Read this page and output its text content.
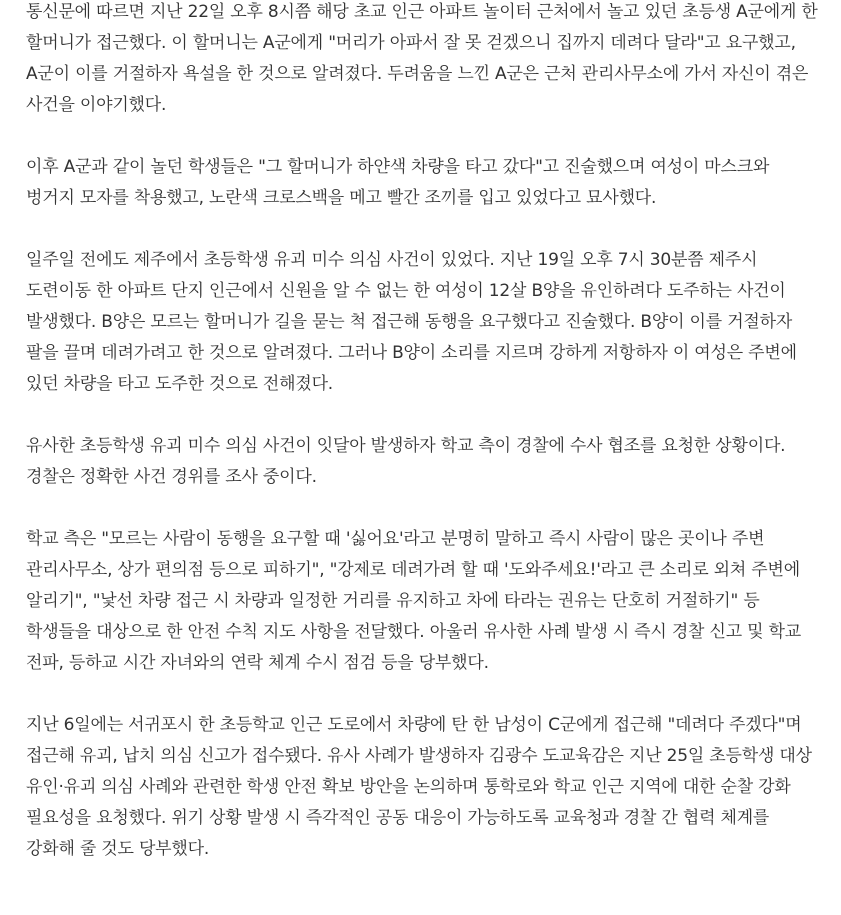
통신문에 따르면 지난 22일 오후 8시쯤 해당 초교 인근 아파트 놀이터 근처에서 놀고 있던 초등생 A군에게 한 할머니가 접근했다. 이 할머니는 A군에게 "머리가 아파서 잘 못 걷겠으니 집까지 데려다 달라"고 요구했고, A군이 이를 거절하자 욕설을 한 것으로 알려졌다. 두려움을 느낀 A군은 근처 관리사무소에 가서 자신이 겪은 사건을 이야기했다.

이후 A군과 같이 놀던 학생들은 "그 할머니가 하얀색 차량을 타고 갔다"고 진술했으며 여성이 마스크와 벙거지 모자를 착용했고, 노란색 크로스백을 메고 빨간 조끼를 입고 있었다고 묘사했다.

일주일 전에도 제주에서 초등학생 유괴 미수 의심 사건이 있었다. 지난 19일 오후 7시 30분쯤 제주시 도련이동 한 아파트 단지 인근에서 신원을 알 수 없는 한 여성이 12살 B양을 유인하려다 도주하는 사건이 발생했다. B양은 모르는 할머니가 길을 묻는 척 접근해 동행을 요구했다고 진술했다. B양이 이를 거절하자 팔을 끌며 데려가려고 한 것으로 알려졌다. 그러나 B양이 소리를 지르며 강하게 저항하자 이 여성은 주변에 있던 차량을 타고 도주한 것으로 전해졌다.

유사한 초등학생 유괴 미수 의심 사건이 잇달아 발생하자 학교 측이 경찰에 수사 협조를 요청한 상황이다. 경찰은 정확한 사건 경위를 조사 중이다.

학교 측은 "모르는 사람이 동행을 요구할 때 '싫어요'라고 분명히 말하고 즉시 사람이 많은 곳이나 주변 관리사무소, 상가 편의점 등으로 피하기", "강제로 데려가려 할 때 '도와주세요!'라고 큰 소리로 외쳐 주변에 알리기", "낯선 차량 접근 시 차량과 일정한 거리를 유지하고 차에 타라는 권유는 단호히 거절하기" 등 학생들을 대상으로 한 안전 수칙 지도 사항을 전달했다. 아울러 유사한 사례 발생 시 즉시 경찰 신고 및 학교 전파, 등하교 시간 자녀와의 연락 체계 수시 점검 등을 당부했다.

지난 6일에는 서귀포시 한 초등학교 인근 도로에서 차량에 탄 한 남성이 C군에게 접근해 "데려다 주겠다"며 접근해 유괴, 납치 의심 신고가 접수됐다. 유사 사례가 발생하자 김광수 도교육감은 지난 25일 초등학생 대상 유인·유괴 의심 사례와 관련한 학생 안전 확보 방안을 논의하며 통학로와 학교 인근 지역에 대한 순찰 강화 필요성을 요청했다. 위기 상황 발생 시 즉각적인 공동 대응이 가능하도록 교육청과 경찰 간 협력 체계를 강화해 줄 것도 당부했다.
